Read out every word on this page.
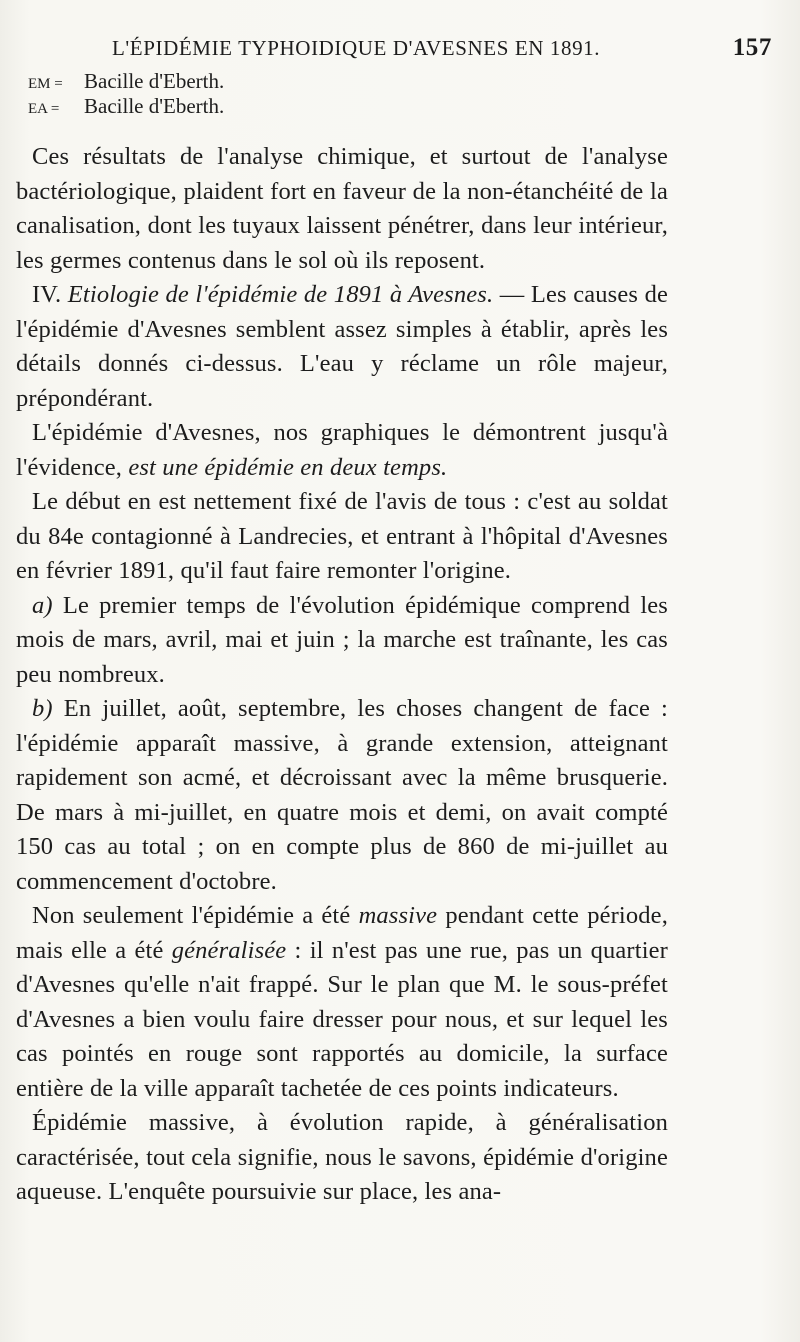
L'ÉPIDÉMIE TYPHOIDIQUE D'AVESNES EN 1891.	157
EM = Bacille d'Eberth.
EA = Bacille d'Eberth.

Ces résultats de l'analyse chimique, et surtout de l'analyse bactériologique, plaident fort en faveur de la non-étanchéité de la canalisation, dont les tuyaux laissent pénétrer, dans leur intérieur, les germes contenus dans le sol où ils reposent.

IV. Etiologie de l'épidémie de 1891 à Avesnes. — Les causes de l'épidémie d'Avesnes semblent assez simples à établir, après les détails donnés ci-dessus. L'eau y réclame un rôle majeur, prépondérant.

L'épidémie d'Avesnes, nos graphiques le démontrent jusqu'à l'évidence, est une épidémie en deux temps.

Le début en est nettement fixé de l'avis de tous : c'est au soldat du 84e contagionné à Landrecies, et entrant à l'hôpital d'Avesnes en février 1891, qu'il faut faire remonter l'origine.

a) Le premier temps de l'évolution épidémique comprend les mois de mars, avril, mai et juin ; la marche est traînante, les cas peu nombreux.

b) En juillet, août, septembre, les choses changent de face : l'épidémie apparaît massive, à grande extension, atteignant rapidement son acmé, et décroissant avec la même brusquerie. De mars à mi-juillet, en quatre mois et demi, on avait compté 150 cas au total ; on en compte plus de 860 de mi-juillet au commencement d'octobre.

Non seulement l'épidémie a été massive pendant cette période, mais elle a été généralisée : il n'est pas une rue, pas un quartier d'Avesnes qu'elle n'ait frappé. Sur le plan que M. le sous-préfet d'Avesnes a bien voulu faire dresser pour nous, et sur lequel les cas pointés en rouge sont rapportés au domicile, la surface entière de la ville apparaît tachetée de ces points indicateurs.

Épidémie massive, à évolution rapide, à généralisation caractérisée, tout cela signifie, nous le savons, épidémie d'origine aqueuse. L'enquête poursuivie sur place, les ana-
